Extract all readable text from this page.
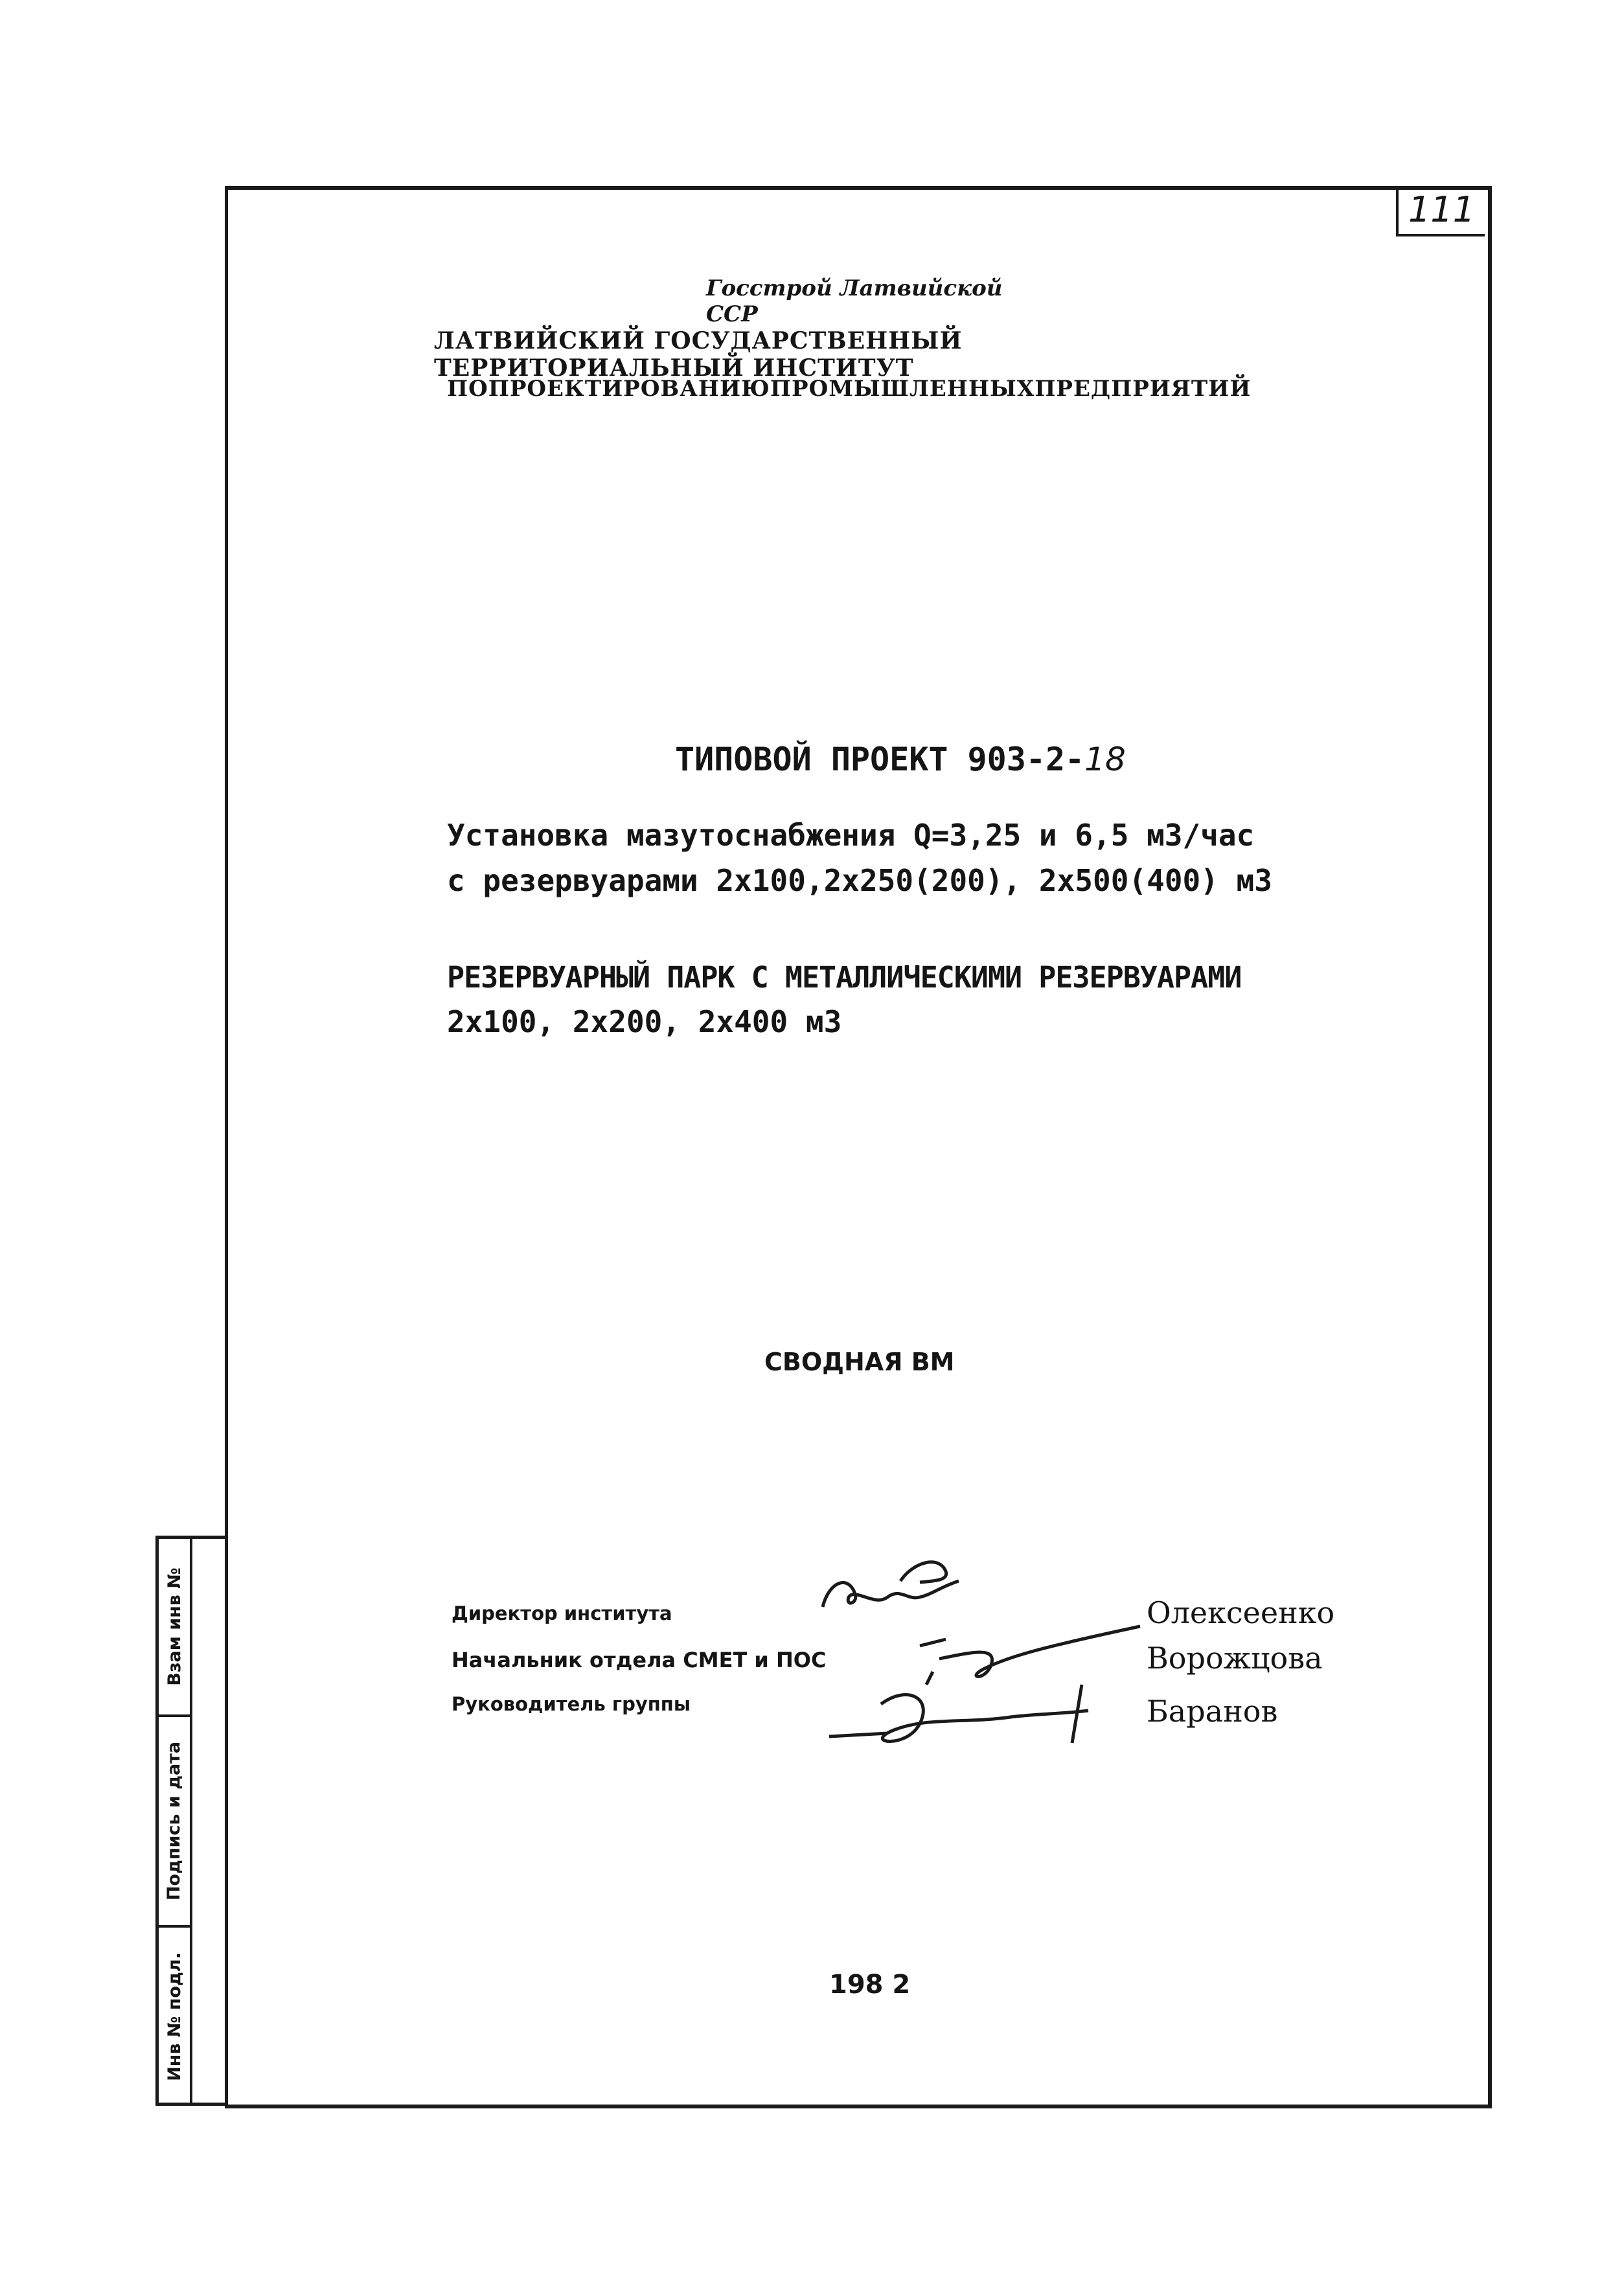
111
Госстрой Латвийской ССР
ЛАТВИЙСКИЙ ГОСУДАРСТВЕННЫЙ ТЕРРИТОРИАЛЬНЫЙ ИНСТИТУТ
ПО ПРОЕКТИРОВАНИЮ ПРОМЫШЛЕННЫХ ПРЕДПРИЯТИЙ
ТИПОВОЙ ПРОЕКТ 903-2-18
Установка мазутоснабжения Q=3,25 и 6,5 м3/час
с резервуарами 2х100,2х250(200), 2х500(400) м3
РЕЗЕРВУАРНЫЙ ПАРК С МЕТАЛЛИЧЕСКИМИ РЕЗЕРВУАРАМИ
2х100, 2х200, 2х400 м3
СВОДНАЯ ВМ
Директор института
Начальник отдела СМЕТ и ПОС
Руководитель группы
Олексеенко
Ворожцова
Баранов
198 2
Взам инв №
Подпись и дата
Инв № подл.
